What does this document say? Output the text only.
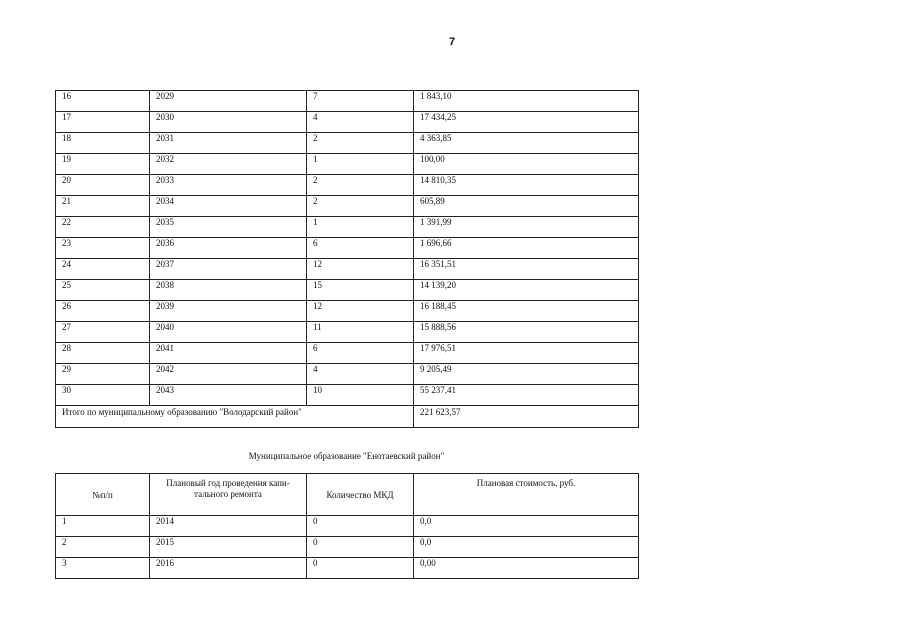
7
16	2029	7	1 843,10
17	2030	4	17 434,25
18	2031	2	4 363,85
19	2032	1	100,00
20	2033	2	14 810,35
21	2034	2	605,89
22	2035	1	1 391,99
23	2036	6	1 696,66
24	2037	12	16 351,51
25	2038	15	14 139,20
26	2039	12	16 188,45
27	2040	11	15 888,56
28	2041	6	17 976,51
29	2042	4	9 205,49
30	2043	10	55 237,41
Итого по муниципальному образованию "Володарский район"			221 623,57
Муниципальное образование "Енотаевский район"
№п/п	Плановый год проведения капи-тального ремонта	Количество МКД	Плановая стоимость, руб.
1	2014	0	0,0
2	2015	0	0,0
3	2016	0	0,00
